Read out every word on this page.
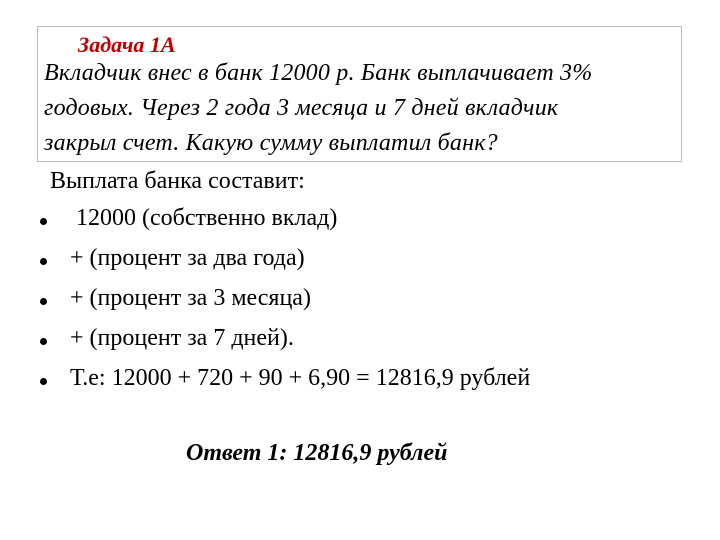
Задача 1А
Вкладчик внес в банк 12000 р. Банк выплачивает 3%
годовых. Через 2 года 3 месяца и 7 дней вкладчик
закрыл счет. Какую сумму выплатил банк?
Выплата банка составит:
12000 (собственно вклад)
+ (процент за два года)
+ (процент за 3 месяца)
+ (процент за 7 дней).
Т.е: 12000 + 720 + 90 + 6,90 = 12816,9 рублей
Ответ 1: 12816,9 рублей
